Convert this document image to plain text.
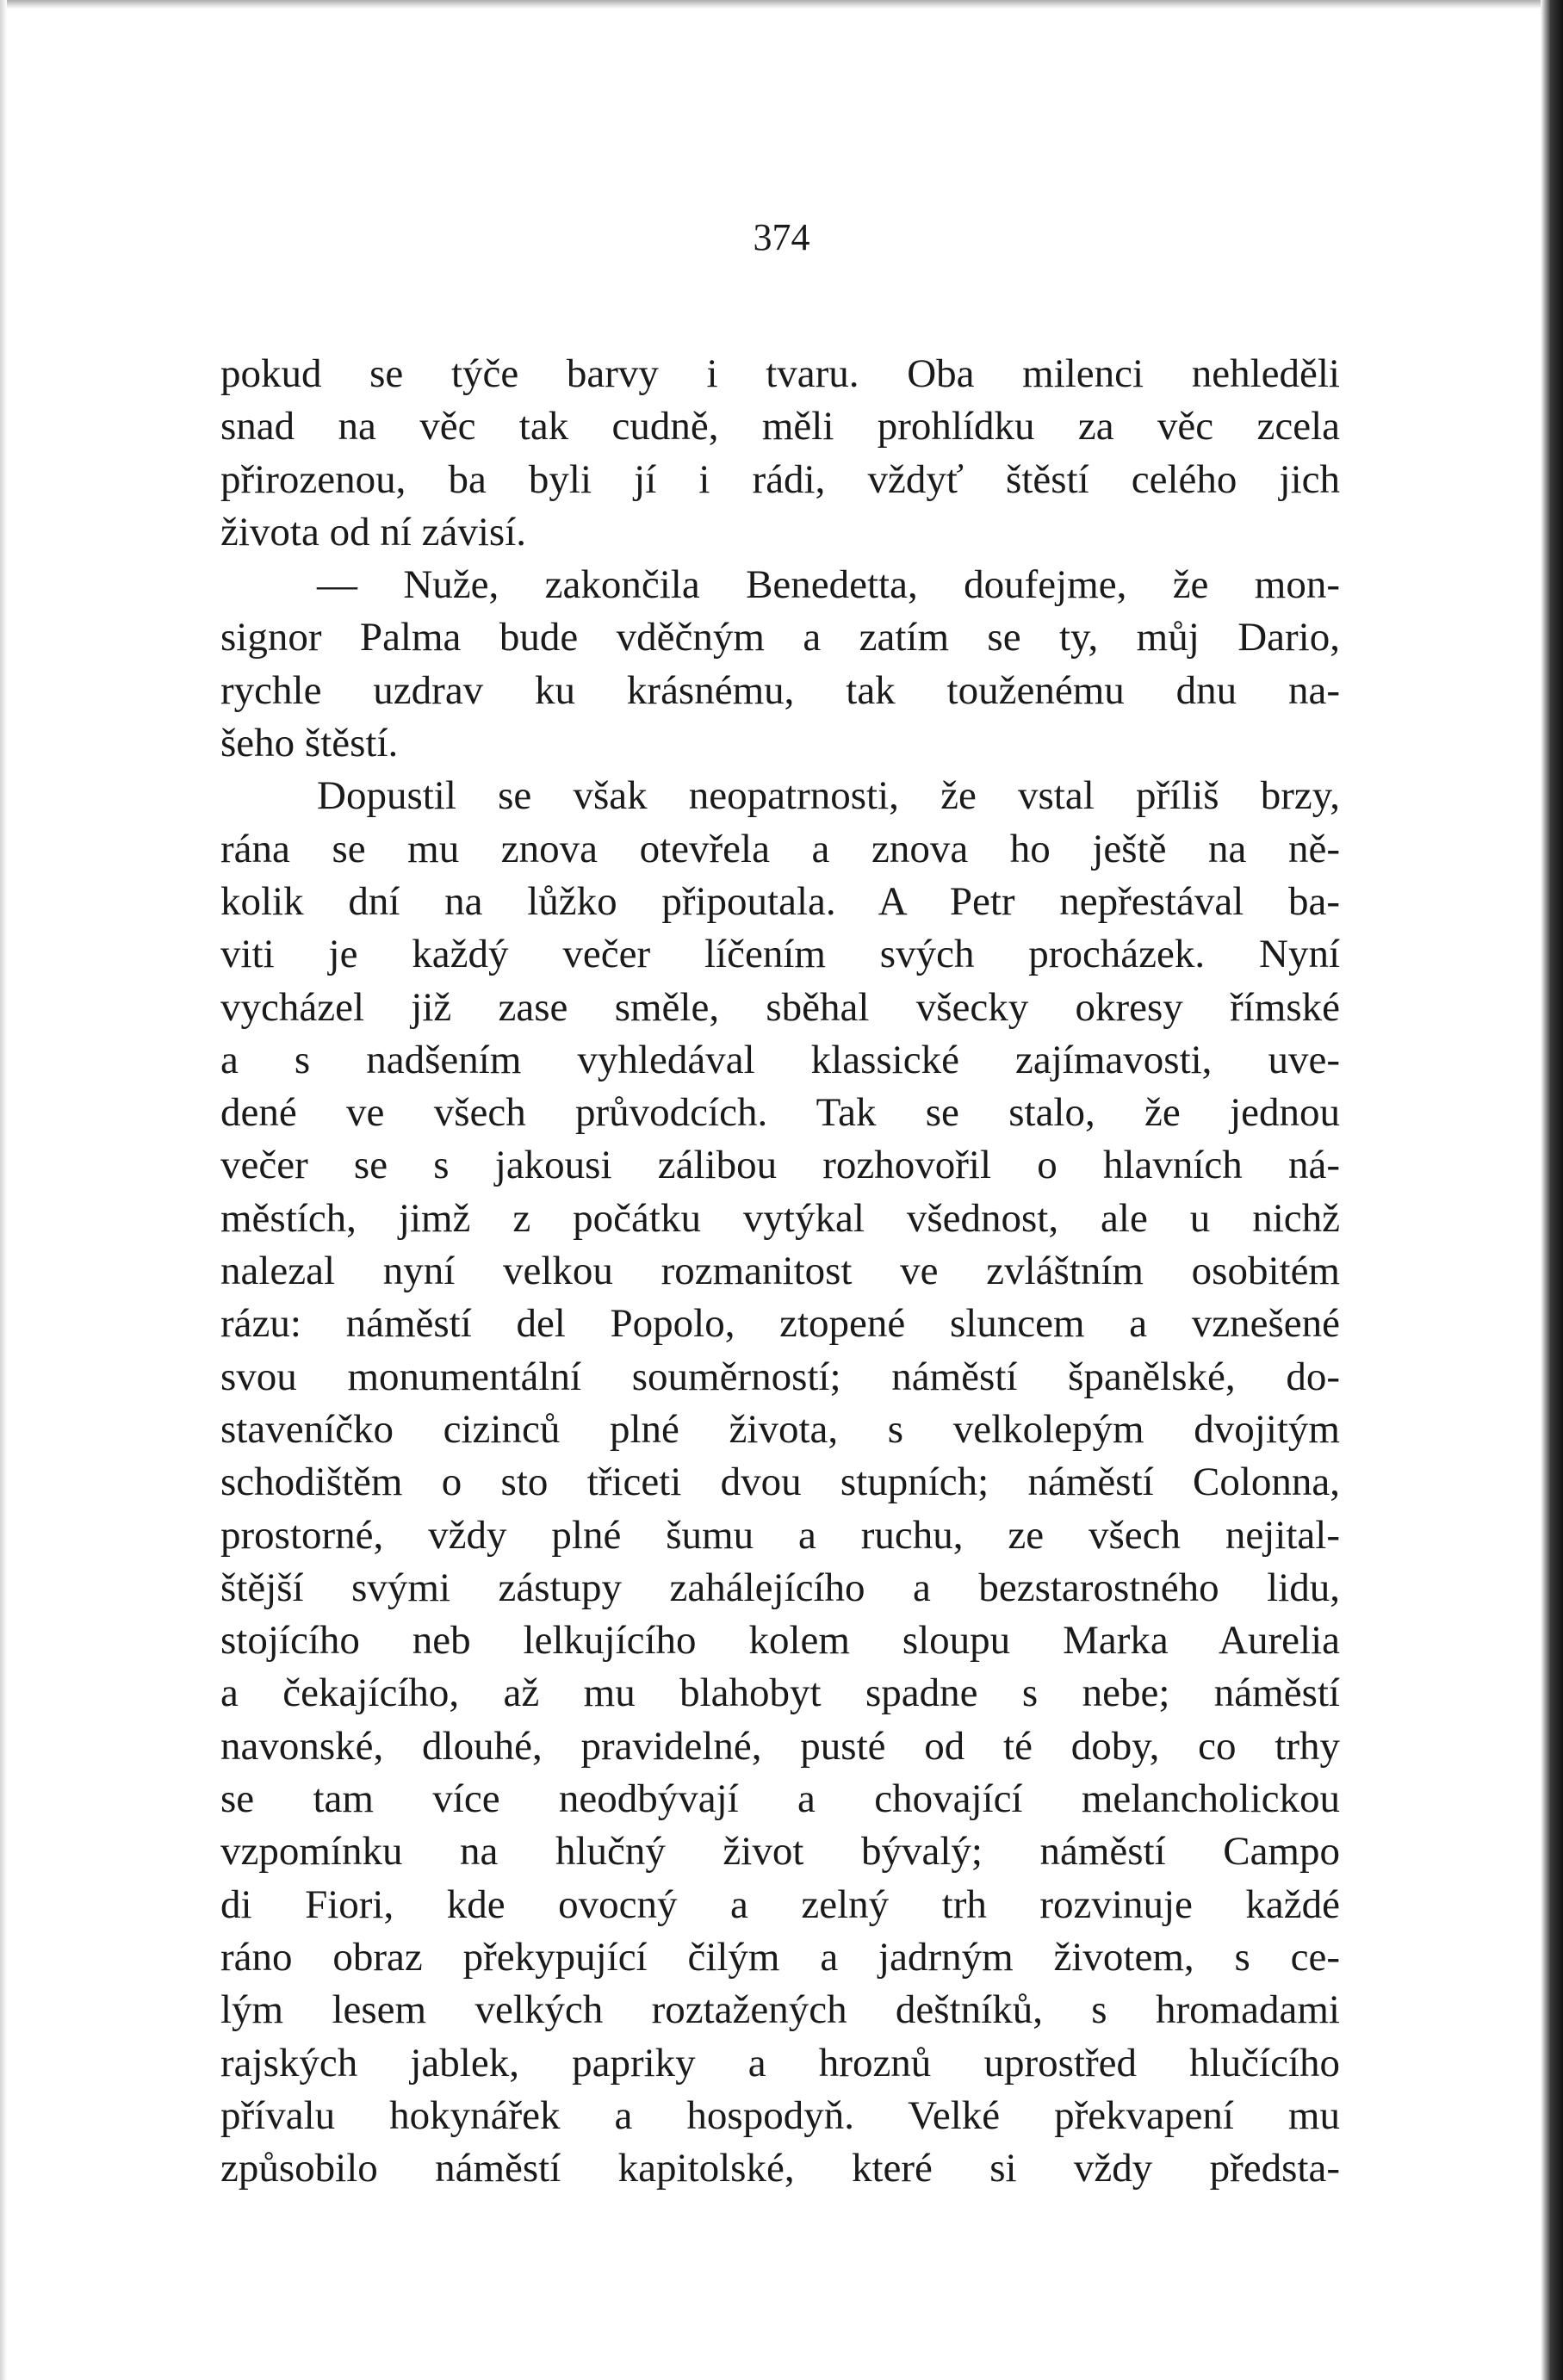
374
pokud se týče barvy i tvaru. Oba milenci nehleděli
snad na věc tak cudně, měli prohlídku za věc zcela
přirozenou, ba byli jí i rádi, vždyť štěstí celého jich
života od ní závisí.
— Nuže, zakončila Benedetta, doufejme, že mon-
signor Palma bude vděčným a zatím se ty, můj Dario,
rychle uzdrav ku krásnému, tak touženému dnu na-
šeho štěstí.
Dopustil se však neopatrnosti, že vstal příliš brzy,
rána se mu znova otevřela a znova ho ještě na ně-
kolik dní na lůžko připoutala. A Petr nepřestával ba-
viti je každý večer líčením svých procházek. Nyní
vycházel již zase směle, sběhal všecky okresy římské
a s nadšením vyhledával klassické zajímavosti, uve-
dené ve všech průvodcích. Tak se stalo, že jednou
večer se s jakousi zálibou rozhovořil o hlavních ná-
městích, jimž z počátku vytýkal všednost, ale u nichž
nalezal nyní velkou rozmanitost ve zvláštním osobitém
rázu: náměstí del Popolo, ztopené sluncem a vznešené
svou monumentální souměrností; náměstí španělské, do-
staveníčko cizinců plné života, s velkolepým dvojitým
schodištěm o sto třiceti dvou stupních; náměstí Colonna,
prostorné, vždy plné šumu a ruchu, ze všech nejital-
štější svými zástupy zahálejícího a bezstarostného lidu,
stojícího neb lelkujícího kolem sloupu Marka Aurelia
a čekajícího, až mu blahobyt spadne s nebe; náměstí
navonské, dlouhé, pravidelné, pusté od té doby, co trhy
se tam více neodbývají a chovající melancholickou
vzpomínku na hlučný život bývalý; náměstí Campo
di Fiori, kde ovocný a zelný trh rozvinuje každé
ráno obraz překypující čilým a jadrným životem, s ce-
lým lesem velkých roztažených deštníků, s hromadami
rajských jablek, papriky a hroznů uprostřed hlučícího
přívalu hokynářek a hospodyň. Velké překvapení mu
způsobilo náměstí kapitolské, které si vždy předsta-
